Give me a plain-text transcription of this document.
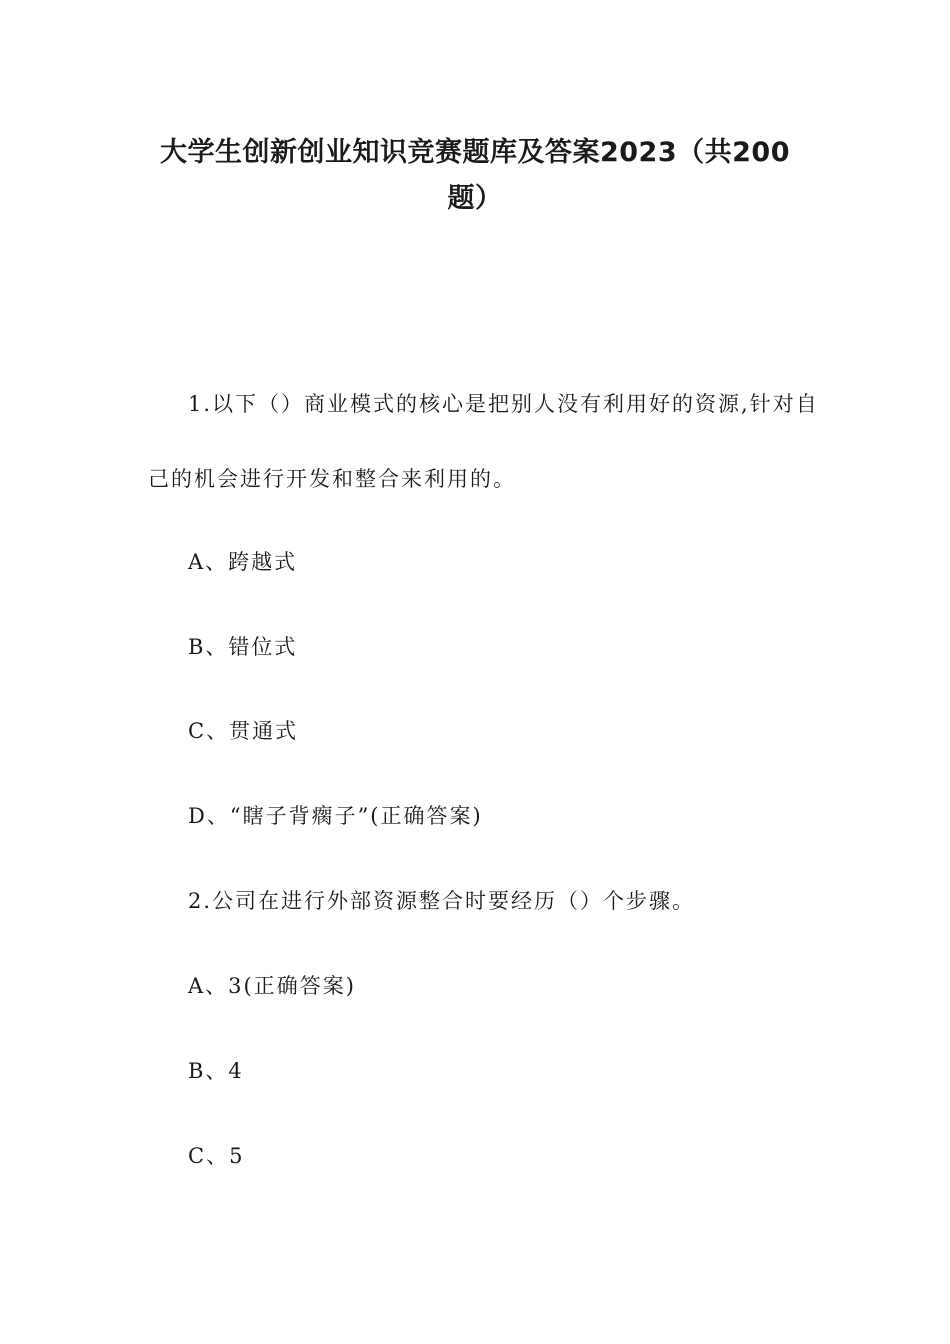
大学生创新创业知识竞赛题库及答案2023（共200
题）

1.以下（）商业模式的核心是把别人没有利用好的资源,针对自

己的机会进行开发和整合来利用的。

A、跨越式

B、错位式

C、贯通式

D、“瞎子背瘸子”(正确答案)

2.公司在进行外部资源整合时要经历（）个步骤。

A、3(正确答案)

B、4

C、5
